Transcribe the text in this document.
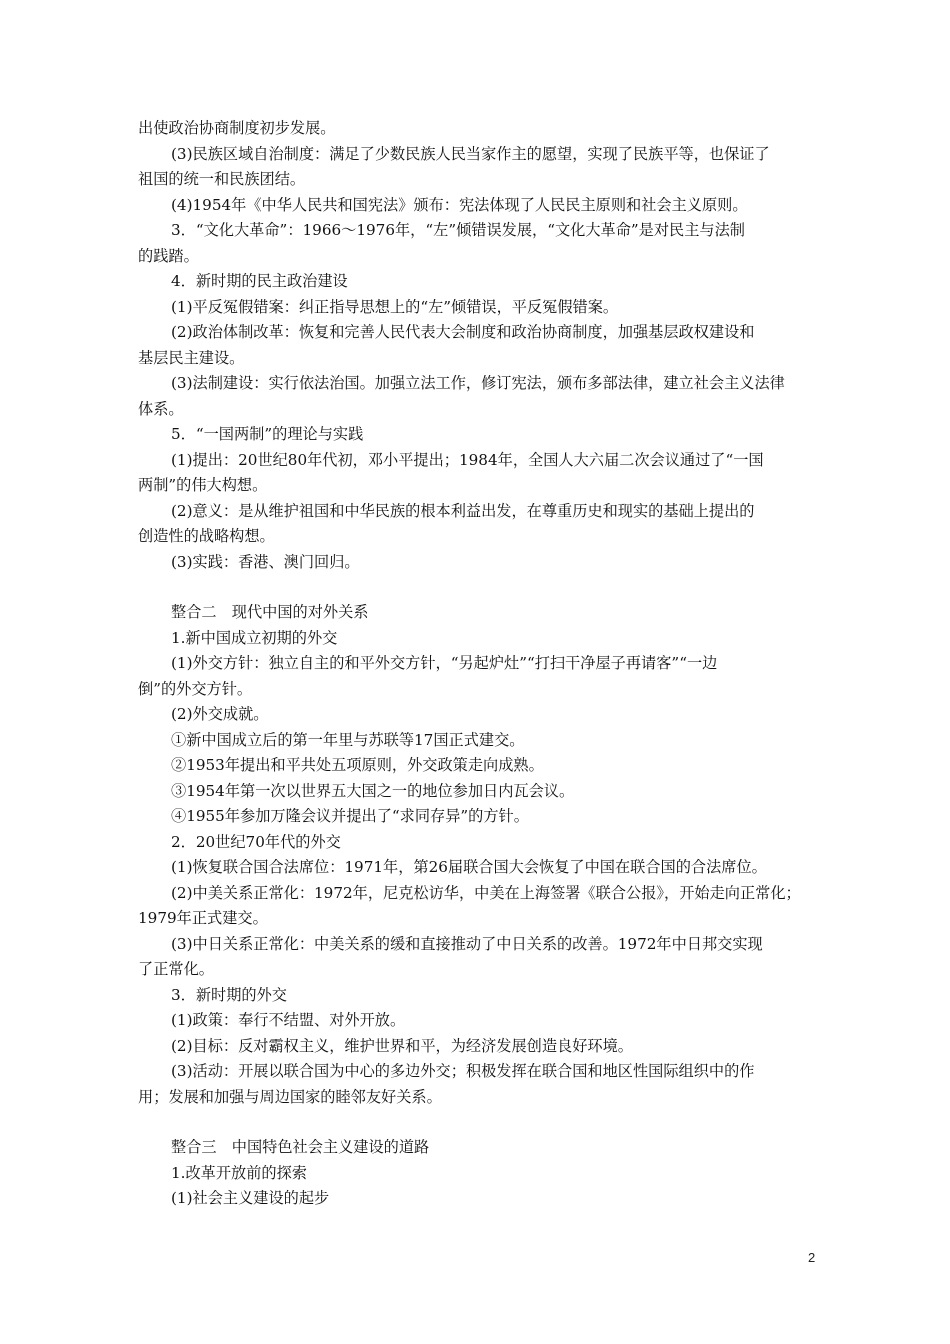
出使政治协商制度初步发展。
(3)民族区域自治制度：满足了少数民族人民当家作主的愿望，实现了民族平等，也保证了
祖国的统一和民族团结。
(4)1954年《中华人民共和国宪法》颁布：宪法体现了人民民主原则和社会主义原则。
3．“文化大革命”：1966～1976年，“左”倾错误发展，“文化大革命”是对民主与法制
的践踏。
4．新时期的民主政治建设
(1)平反冤假错案：纠正指导思想上的“左”倾错误，平反冤假错案。
(2)政治体制改革：恢复和完善人民代表大会制度和政治协商制度，加强基层政权建设和
基层民主建设。
(3)法制建设：实行依法治国。加强立法工作，修订宪法，颁布多部法律，建立社会主义法律
体系。
5．“一国两制”的理论与实践
(1)提出：20世纪80年代初，邓小平提出；1984年，全国人大六届二次会议通过了“一国
两制”的伟大构想。
(2)意义：是从维护祖国和中华民族的根本利益出发，在尊重历史和现实的基础上提出的
创造性的战略构想。
(3)实践：香港、澳门回归。
整合二　现代中国的对外关系
1.新中国成立初期的外交
(1)外交方针：独立自主的和平外交方针，“另起炉灶”“打扫干净屋子再请客”“一边
倒”的外交方针。
(2)外交成就。
①新中国成立后的第一年里与苏联等17国正式建交。
②1953年提出和平共处五项原则，外交政策走向成熟。
③1954年第一次以世界五大国之一的地位参加日内瓦会议。
④1955年参加万隆会议并提出了“求同存异”的方针。
2．20世纪70年代的外交
(1)恢复联合国合法席位：1971年，第26届联合国大会恢复了中国在联合国的合法席位。
(2)中美关系正常化：1972年，尼克松访华，中美在上海签署《联合公报》，开始走向正常化；
1979年正式建交。
(3)中日关系正常化：中美关系的缓和直接推动了中日关系的改善。1972年中日邦交实现
了正常化。
3．新时期的外交
(1)政策：奉行不结盟、对外开放。
(2)目标：反对霸权主义，维护世界和平，为经济发展创造良好环境。
(3)活动：开展以联合国为中心的多边外交；积极发挥在联合国和地区性国际组织中的作
用；发展和加强与周边国家的睦邻友好关系。
整合三　中国特色社会主义建设的道路
1.改革开放前的探索
(1)社会主义建设的起步
2
